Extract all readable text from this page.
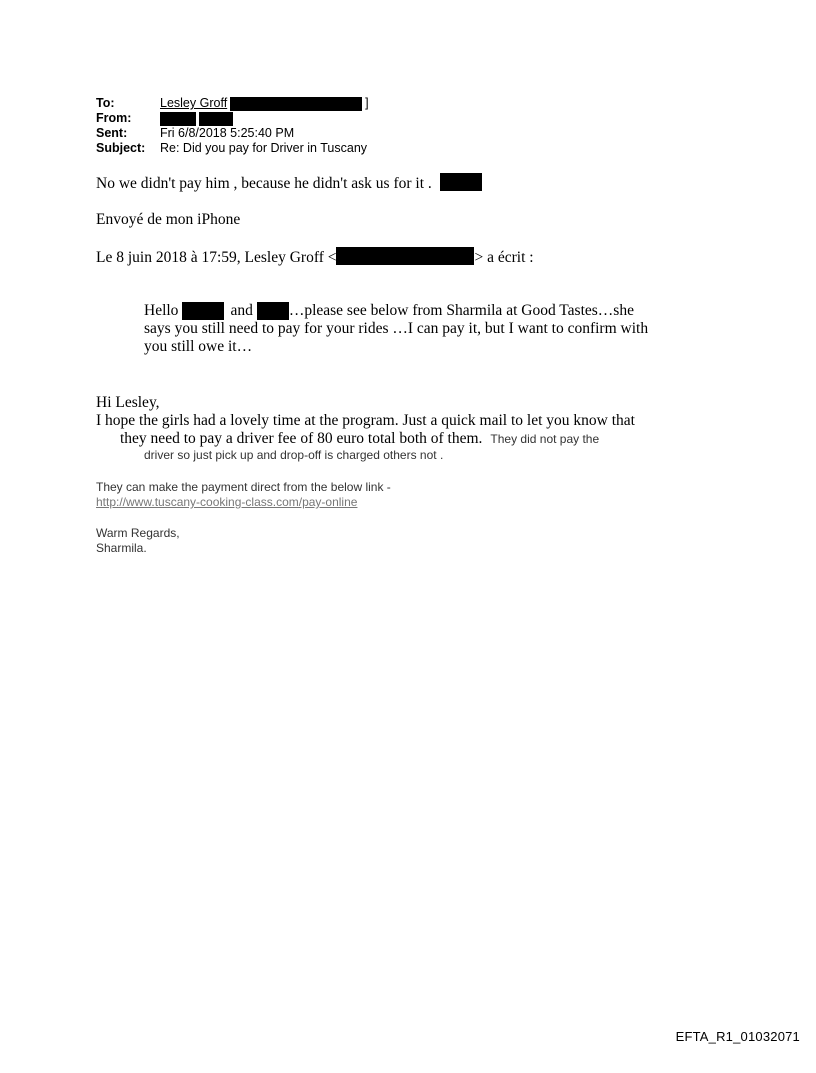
To:	Lesley Groff	]
From:
Sent:	Fri 6/8/2018 5:25:40 PM
Subject:	Re: Did you pay for Driver in Tuscany
No we didn't pay him , because he didn't ask us for it .
Envoyé de mon iPhone
Le 8 juin 2018 à 17:59, Lesley Groff <	> a écrit :
Hello	and …please see below from Sharmila at Good Tastes…she
says you still need to pay for your rides …I can pay it, but I want to confirm with
you still owe it…
Hi Lesley,
I hope the girls had a lovely time at the program. Just a quick mail to let you know that
they need to pay a driver fee of 80 euro total both of them. They did not pay the
driver so just pick up and drop-off is charged others not .
They can make the payment direct from the below link -
http://www.tuscany-cooking-class.com/pay-online
Warm Regards,
Sharmila.
EFTA_R1_01032071
